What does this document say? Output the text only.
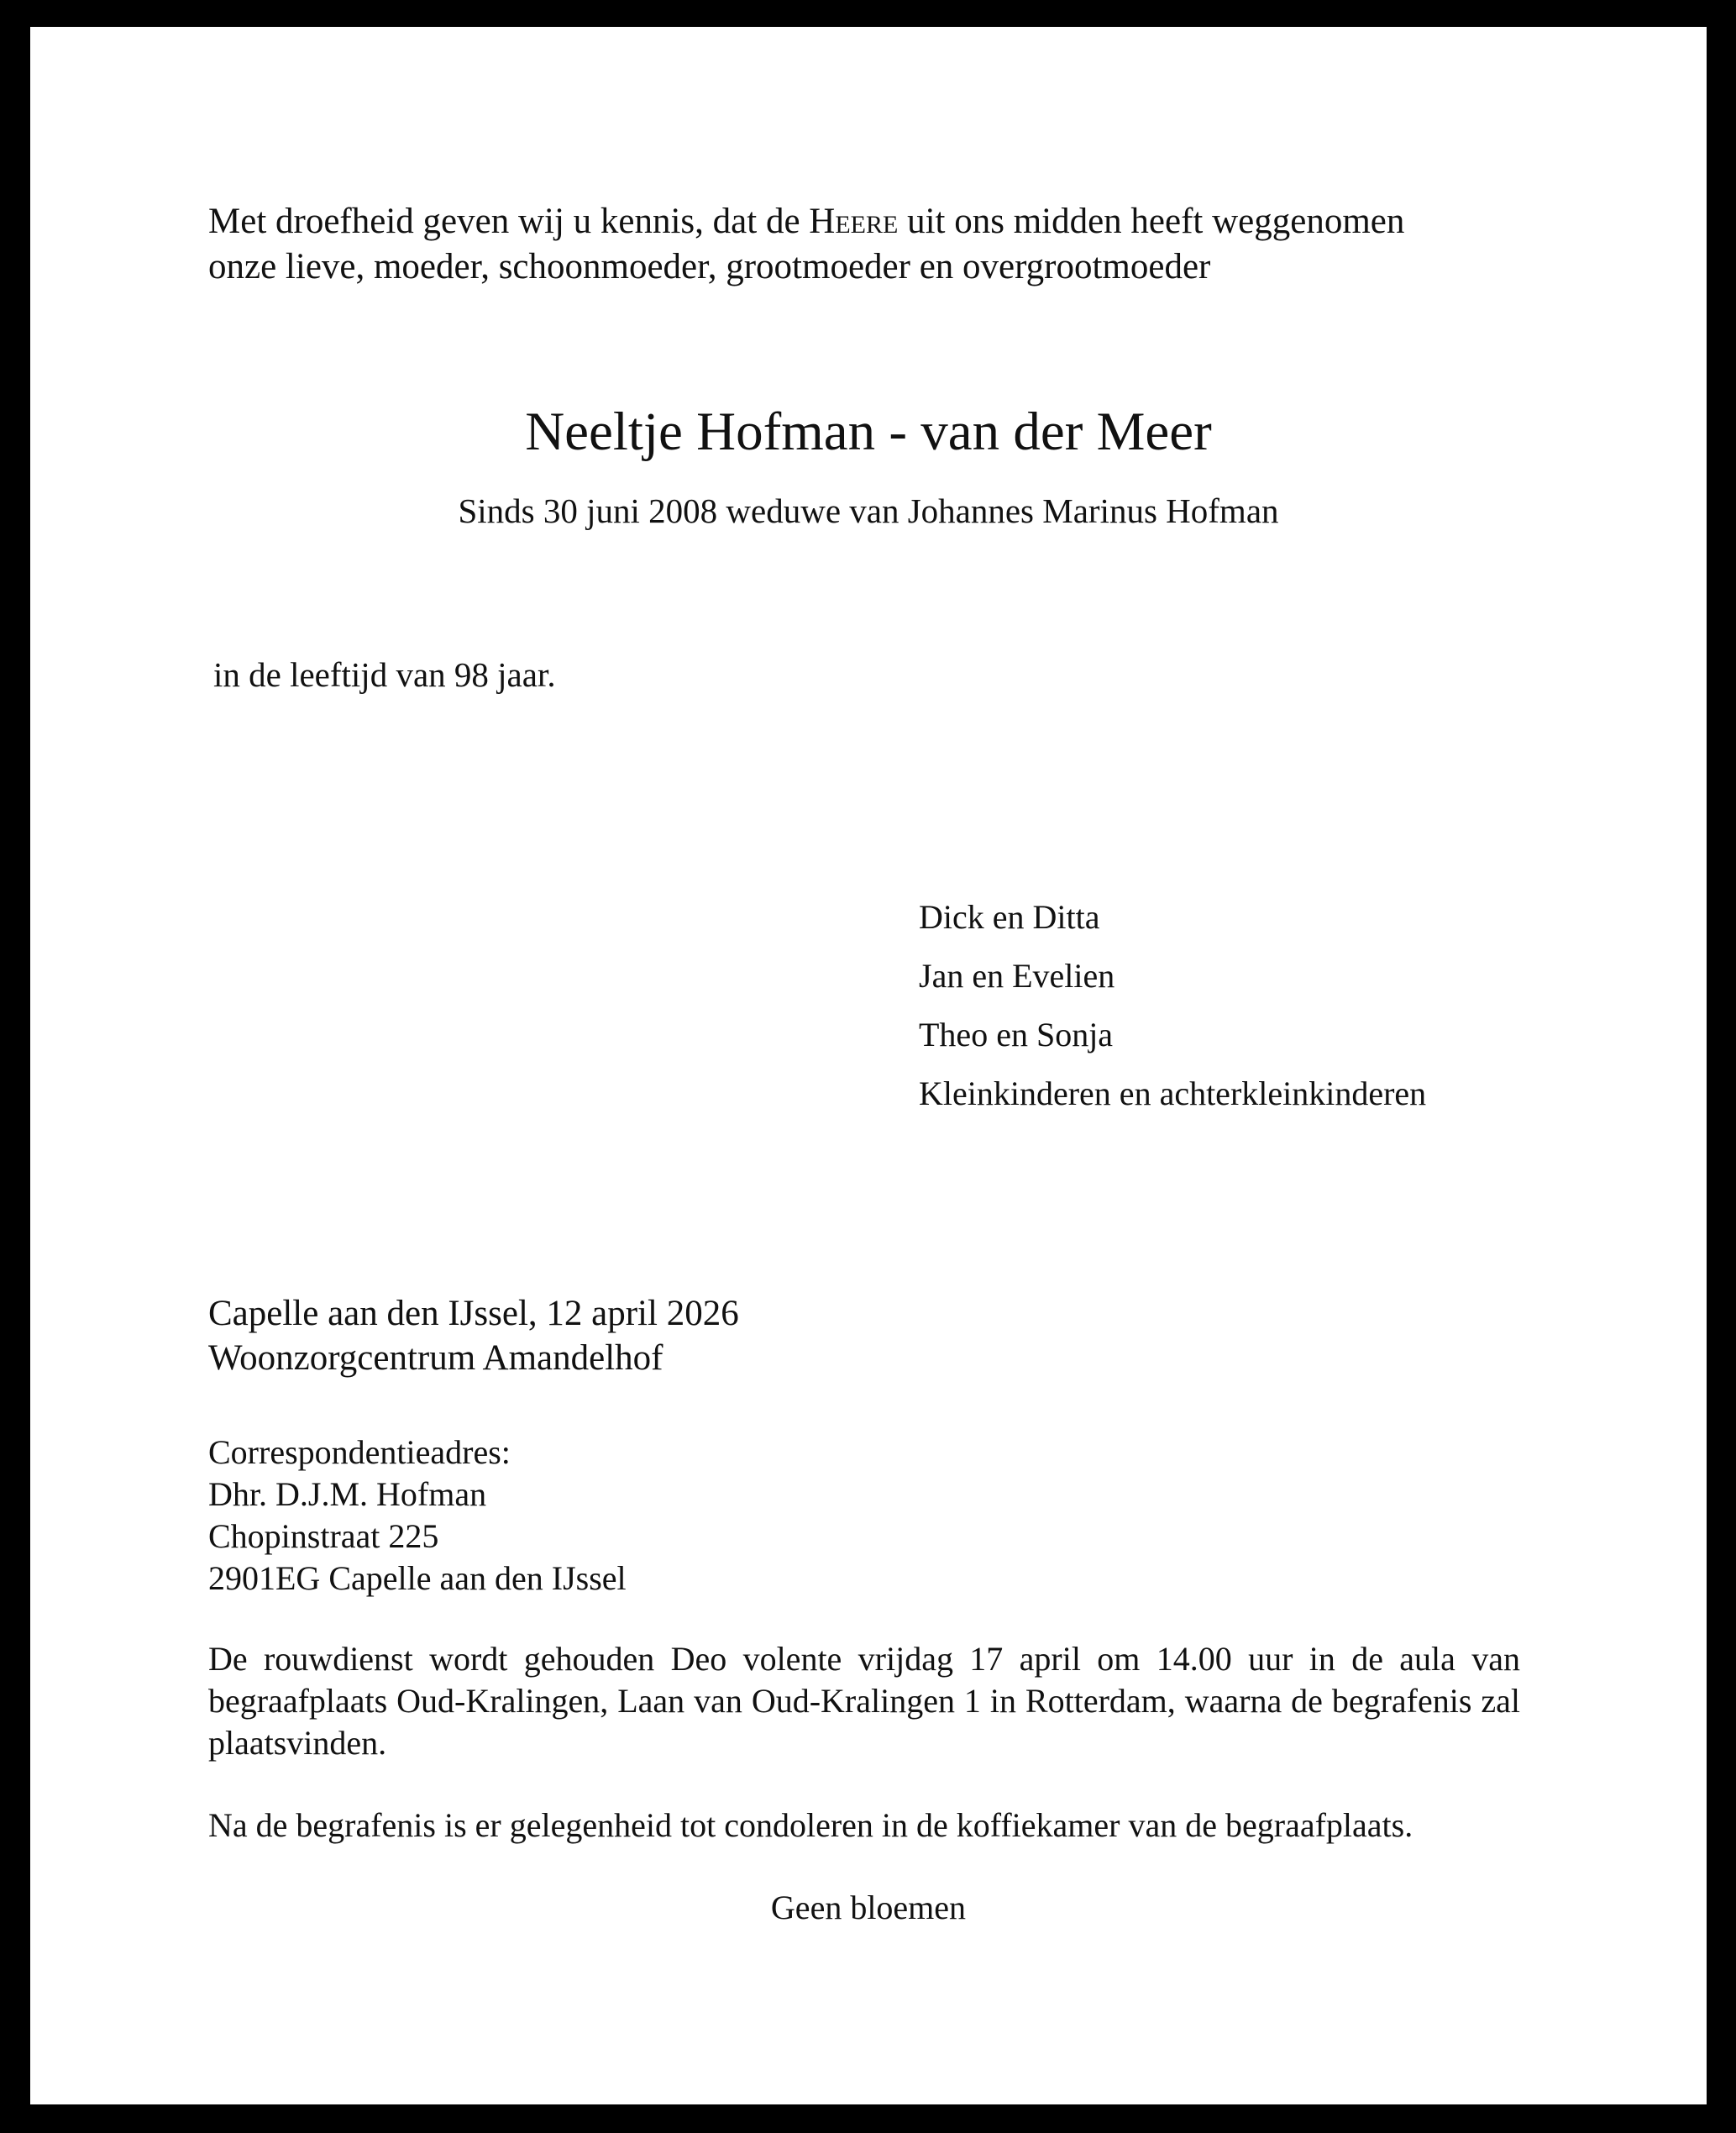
Met droefheid geven wij u kennis, dat de Heere uit ons midden heeft weggenomen
onze lieve, moeder, schoonmoeder, grootmoeder en overgrootmoeder
Neeltje Hofman - van der Meer
Sinds 30 juni 2008 weduwe van Johannes Marinus Hofman
in de leeftijd van 98 jaar.
Dick en Ditta
Jan en Evelien
Theo en Sonja
Kleinkinderen en achterkleinkinderen
Capelle aan den IJssel, 12 april 2026
Woonzorgcentrum Amandelhof
Correspondentieadres:
Dhr. D.J.M. Hofman
Chopinstraat 225
2901EG Capelle aan den IJssel
De rouwdienst wordt gehouden Deo volente vrijdag 17 april om 14.00 uur in de aula van begraafplaats Oud-Kralingen, Laan van Oud-Kralingen 1 in Rotterdam, waarna de begrafenis zal plaatsvinden.
Na de begrafenis is er gelegenheid tot condoleren in de koffiekamer van de begraafplaats.
Geen bloemen
